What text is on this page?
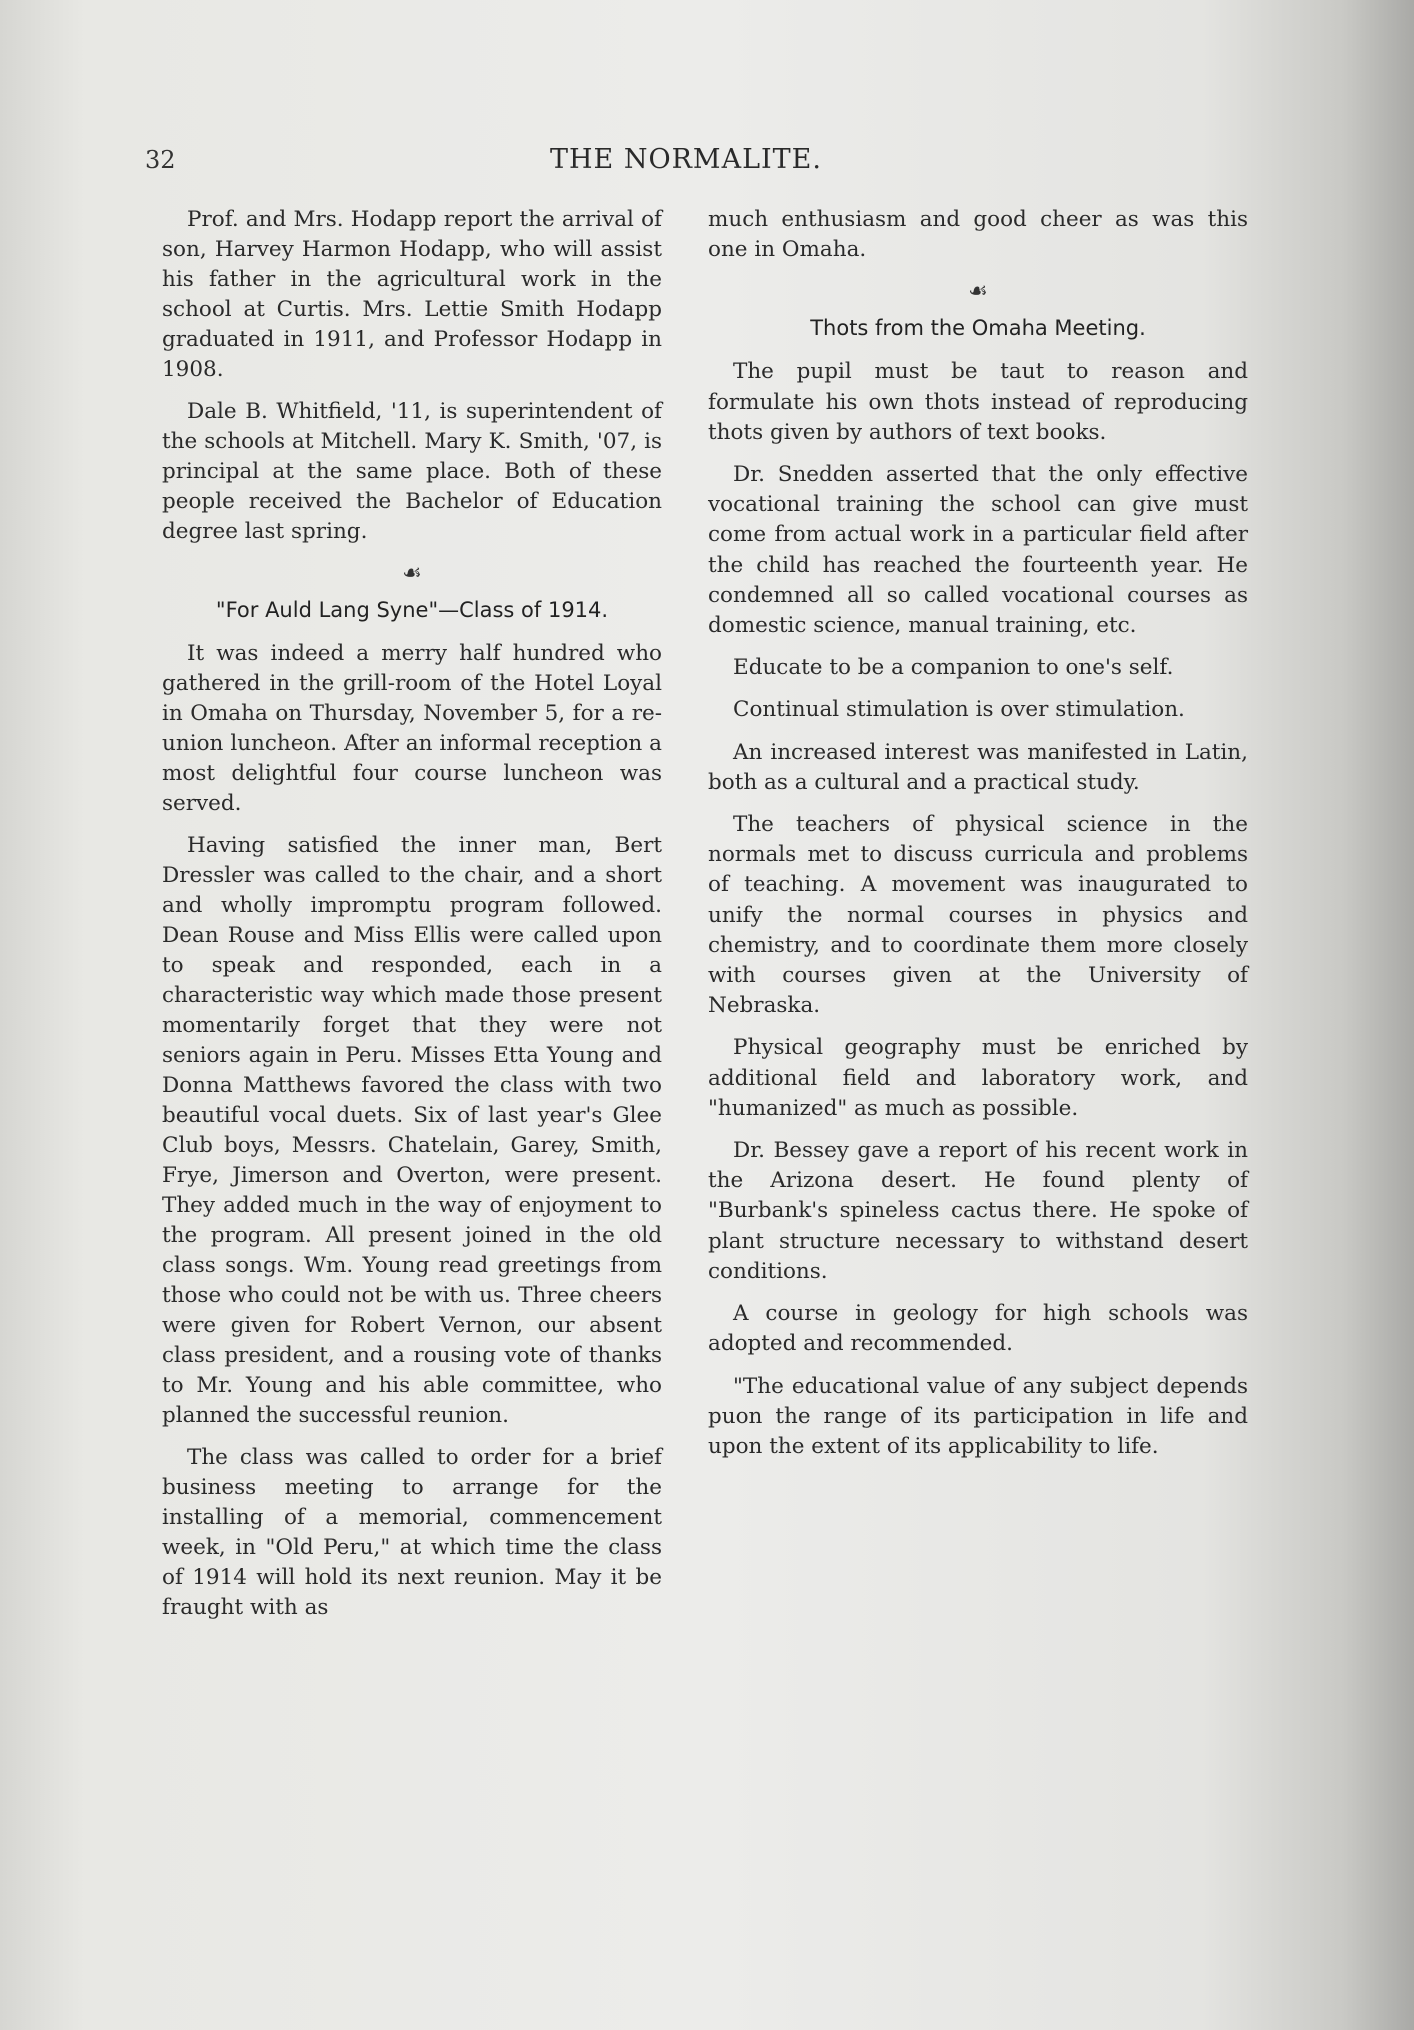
32	THE NORMALITE.

Prof. and Mrs. Hodapp report the arrival of son, Harvey Harmon Hodapp, who will assist his father in the agricultural work in the school at Curtis. Mrs. Lettie Smith Hodapp graduated in 1911, and Professor Hodapp in 1908.

Dale B. Whitfield, '11, is superintendent of the schools at Mitchell. Mary K. Smith, '07, is principal at the same place. Both of these people received the Bachelor of Education degree last spring.

☙
"For Auld Lang Syne"—Class of 1914.

It was indeed a merry half hundred who gathered in the grill-room of the Hotel Loyal in Omaha on Thursday, November 5, for a re-union luncheon. After an informal reception a most delightful four course luncheon was served.

Having satisfied the inner man, Bert Dressler was called to the chair, and a short and wholly impromptu program followed. Dean Rouse and Miss Ellis were called upon to speak and responded, each in a characteristic way which made those present momentarily forget that they were not seniors again in Peru. Misses Etta Young and Donna Matthews favored the class with two beautiful vocal duets. Six of last year's Glee Club boys, Messrs. Chatelain, Garey, Smith, Frye, Jimerson and Overton, were present. They added much in the way of enjoyment to the program. All present joined in the old class songs. Wm. Young read greetings from those who could not be with us. Three cheers were given for Robert Vernon, our absent class president, and a rousing vote of thanks to Mr. Young and his able committee, who planned the successful reunion.

The class was called to order for a brief business meeting to arrange for the installing of a memorial, commencement week, in "Old Peru," at which time the class of 1914 will hold its next reunion. May it be fraught with as

much enthusiasm and good cheer as was this one in Omaha.

☙
Thots from the Omaha Meeting.

The pupil must be taut to reason and formulate his own thots instead of reproducing thots given by authors of text books.

Dr. Snedden asserted that the only effective vocational training the school can give must come from actual work in a particular field after the child has reached the fourteenth year. He condemned all so called vocational courses as domestic science, manual training, etc.

Educate to be a companion to one's self.

Continual stimulation is over stimulation.

An increased interest was manifested in Latin, both as a cultural and a practical study.

The teachers of physical science in the normals met to discuss curricula and problems of teaching. A movement was inaugurated to unify the normal courses in physics and chemistry, and to coordinate them more closely with courses given at the University of Nebraska.

Physical geography must be enriched by additional field and laboratory work, and "humanized" as much as possible.

Dr. Bessey gave a report of his recent work in the Arizona desert. He found plenty of "Burbank's spineless cactus there. He spoke of plant structure necessary to withstand desert conditions.

A course in geology for high schools was adopted and recommended.

"The educational value of any subject depends puon the range of its participation in life and upon the extent of its applicability to life.
